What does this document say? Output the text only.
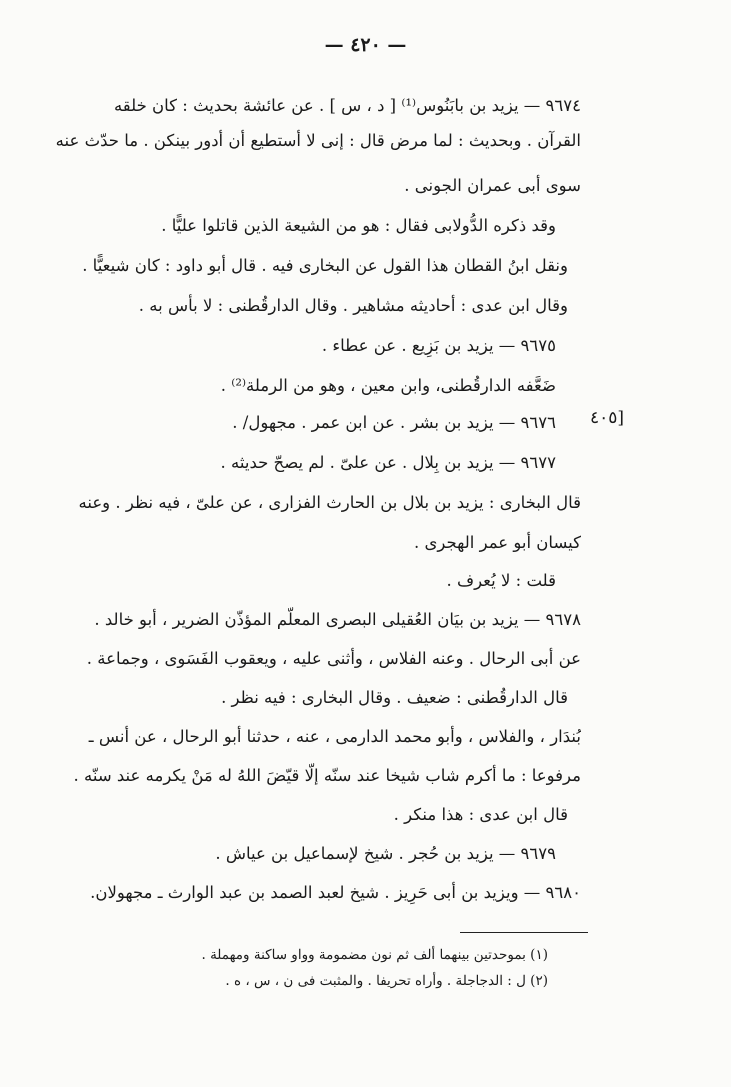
— ٤٢٠ —
[٤٠٥
٩٦٧٤ — يزيد بن بابَنُوس⁽¹⁾ [ د ، س ] . عن عائشة بحديث : كان خلقه
القرآن . وبحديث : لما مرض قال : إنى لا أستطيع أن أدور بينكن . ما حدّث عنه
سوى أبى عمران الجونى .
وقد ذكره الدُّولابى فقال : هو من الشيعة الذين قاتلوا عليًّا .
ونقل ابنُ القطان هذا القول عن البخارى فيه . قال أبو داود : كان شيعيًّا .
وقال ابن عدى : أحاديثه مشاهير . وقال الدارقُطنى : لا بأس به .
٩٦٧٥ — يزيد بن بَزِيع . عن عطاء .
ضَعَّفه الدارقُطنى، وابن معين ، وهو من الرملة⁽²⁾ .
٩٦٧٦ — يزيد بن بشر . عن ابن عمر . مجهول/ .
٩٦٧٧ — يزيد بن بِلال . عن علىّ . لم يصحّ حديثه .
قال البخارى : يزيد بن بلال بن الحارث الفزارى ، عن علىّ ، فيه نظر . وعنه
كيسان أبو عمر الهجرى .
قلت : لا يُعرف .
٩٦٧٨ — يزيد بن بيَان العُقيلى البصرى المعلّم المؤذّن الضرير ، أبو خالد .
عن أبى الرحال . وعنه الفلاس ، وأثنى عليه ، ويعقوب الفَسَوى ، وجماعة .
قال الدارقُطنى : ضعيف . وقال البخارى : فيه نظر .
بُندَار ، والفلاس ، وأبو محمد الدارمى ، عنه ، حدثنا أبو الرحال ، عن أنس ـ
مرفوعا : ما أكرم شاب شيخا عند سنّه إلّا قيّضَ اللهُ له مَنْ يكرمه عند سنّه .
قال ابن عدى : هذا منكر .
٩٦٧٩ — يزيد بن حُجر . شيخ لإسماعيل بن عياش .
٩٦٨٠ — ويزيد بن أبى حَرِيز . شيخ لعبد الصمد بن عبد الوارث ـ مجهولان.
(١) بموحدتين بينهما ألف ثم نون مضمومة وواو ساكنة ومهملة .
(٢) ل : الدجاجلة . وأراه تحريفا . والمثبت فى ن ، س ، ه .
